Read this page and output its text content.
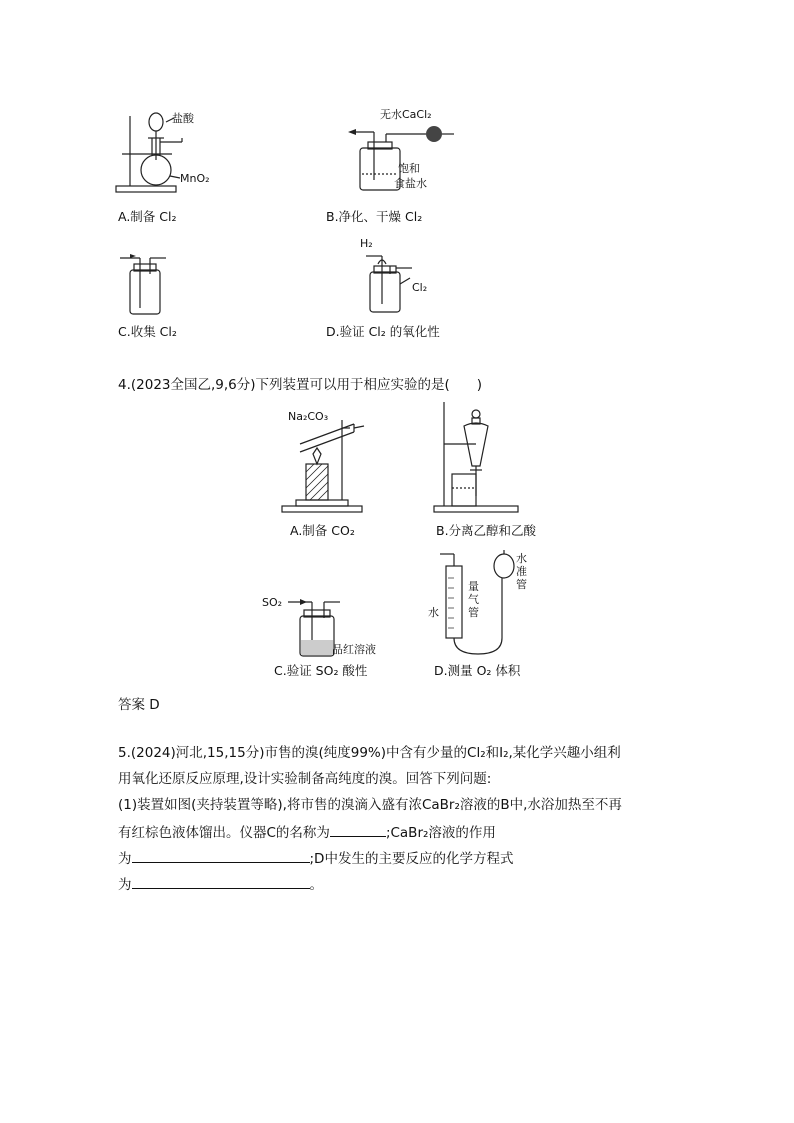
盐酸
MnO₂
A.制备 Cl₂
无水CaCl₂
饱和
食盐水
B.净化、干燥 Cl₂
C.收集 Cl₂
H₂
Cl₂
D.验证 Cl₂ 的氧化性
4.(2023全国乙,9,6分)下列装置可以用于相应实验的是(　　)
Na₂CO₃
A.制备 CO₂	B.分离乙醇和乙酸
SO₂
品红溶液
C.验证 SO₂ 酸性
水
量气管
水准管
D.测量 O₂ 体积
答案 D
5.(2024)河北,15,15分)市售的溴(纯度99%)中含有少量的Cl₂和I₂,某化学兴趣小组利
用氧化还原反应原理,设计实验制备高纯度的溴。回答下列问题:
(1)装置如图(夹持装置等略),将市售的溴滴入盛有浓CaBr₂溶液的B中,水浴加热至不再
有红棕色液体馏出。仪器C的名称为	;CaBr₂溶液的作用
为	;D中发生的主要反应的化学方程式
为	。
